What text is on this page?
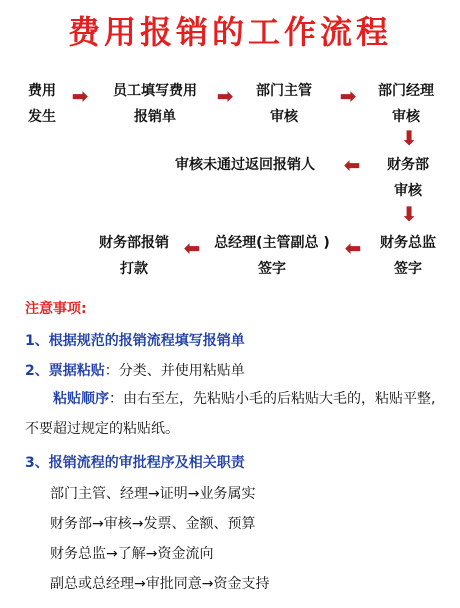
费用报销的工作流程
费用
发生
➡	员工填写费用
报销单
➡	部门主管
审核
➡	部门经理
审核
⬇
审核未通过返回报销人	⬅	财务部
审核
⬇
财务部报销
打款
⬅ 总经理(主管副总 )
签字
⬅	财务总监
签字
注意事项:
1、根据规范的报销流程填写报销单
2、票据粘贴：分类、并使用粘贴单
粘贴顺序：由右至左，先粘贴小毛的后粘贴大毛的，粘贴平整,不要超过规定的粘贴纸。
3、报销流程的审批程序及相关职责
部门主管、经理→证明→业务属实
财务部→审核→发票、金额、预算
财务总监→了解→资金流向
副总或总经理→审批同意→资金支持
